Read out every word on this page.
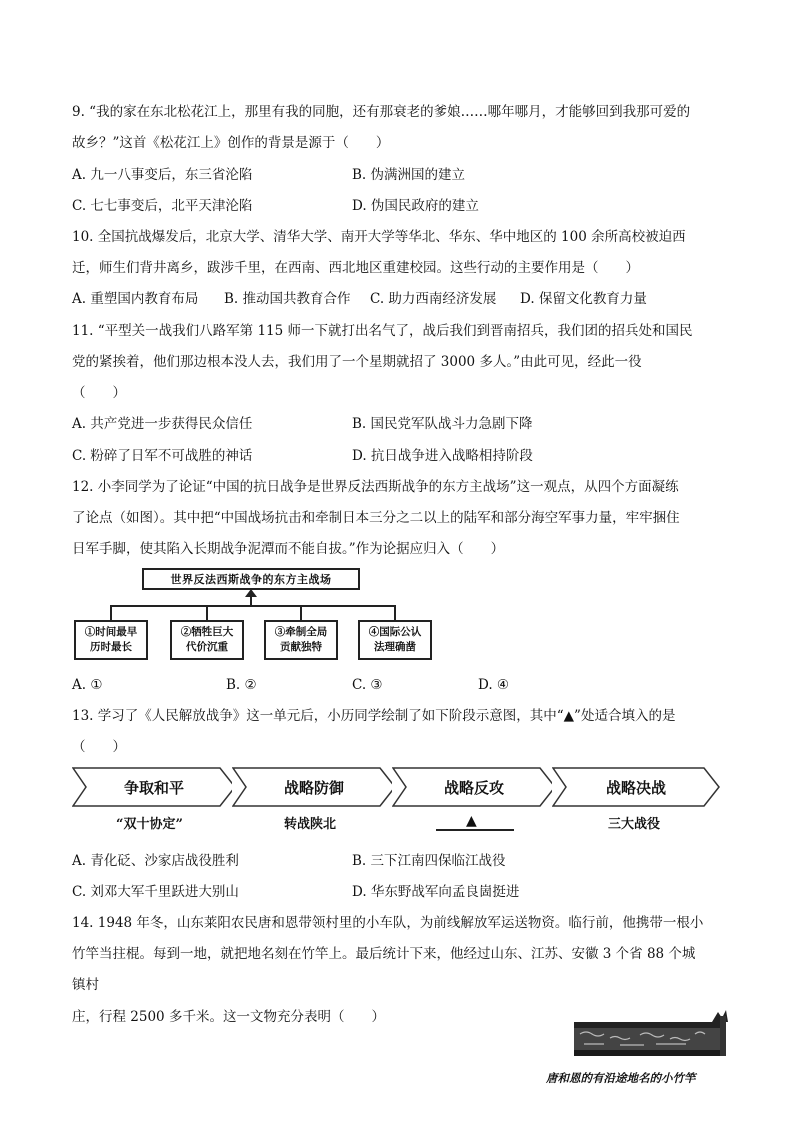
9. “我的家在东北松花江上，那里有我的同胞，还有那衰老的爹娘……哪年哪月，才能够回到我那可爱的
故乡？”这首《松花江上》创作的背景是源于（　　）
A. 九一八事变后，东三省沦陷	B. 伪满洲国的建立
C. 七七事变后，北平天津沦陷	D. 伪国民政府的建立
10. 全国抗战爆发后，北京大学、清华大学、南开大学等华北、华东、华中地区的 100 余所高校被迫西
迁，师生们背井离乡，跋涉千里，在西南、西北地区重建校园。这些行动的主要作用是（　　）
A. 重塑国内教育布局 B. 推动国共教育合作 C. 助力西南经济发展 D. 保留文化教育力量
11. “平型关一战我们八路军第 115 师一下就打出名气了，战后我们到晋南招兵，我们团的招兵处和国民
党的紧挨着，他们那边根本没人去，我们用了一个星期就招了 3000 多人。”由此可见，经此一役
（　　）
A. 共产党进一步获得民众信任	B. 国民党军队战斗力急剧下降
C. 粉碎了日军不可战胜的神话	D. 抗日战争进入战略相持阶段
12. 小李同学为了论证“中国的抗日战争是世界反法西斯战争的东方主战场”这一观点，从四个方面凝练
了论点（如图）。其中把“中国战场抗击和牵制日本三分之二以上的陆军和部分海空军事力量，牢牢捆住
日军手脚，使其陷入长期战争泥潭而不能自拔。”作为论据应归入（　　）
世界反法西斯战争的东方主战场
①时间最早
历时最长
②牺牲巨大
代价沉重
③牵制全局
贡献独特
④国际公认
法理确凿
A. ①	B. ②	C. ③	D. ④
13. 学习了《人民解放战争》这一单元后，小历同学绘制了如下阶段示意图，其中“▲”处适合填入的是
（　　）
争取和平	战略防御	战略反攻	战略决战
“双十协定”	转战陕北	▲	三大战役
A. 青化砭、沙家店战役胜利	B. 三下江南四保临江战役
C. 刘邓大军千里跃进大别山	D. 华东野战军向孟良崮挺进
14. 1948 年冬，山东莱阳农民唐和恩带领村里的小车队，为前线解放军运送物资。临行前，他携带一根小
竹竿当拄棍。每到一地，就把地名刻在竹竿上。最后统计下来，他经过山东、江苏、安徽 3 个省 88 个城
镇村
庄，行程 2500 多千米。这一文物充分表明（　　）
唐和恩的有沿途地名的小竹竿
